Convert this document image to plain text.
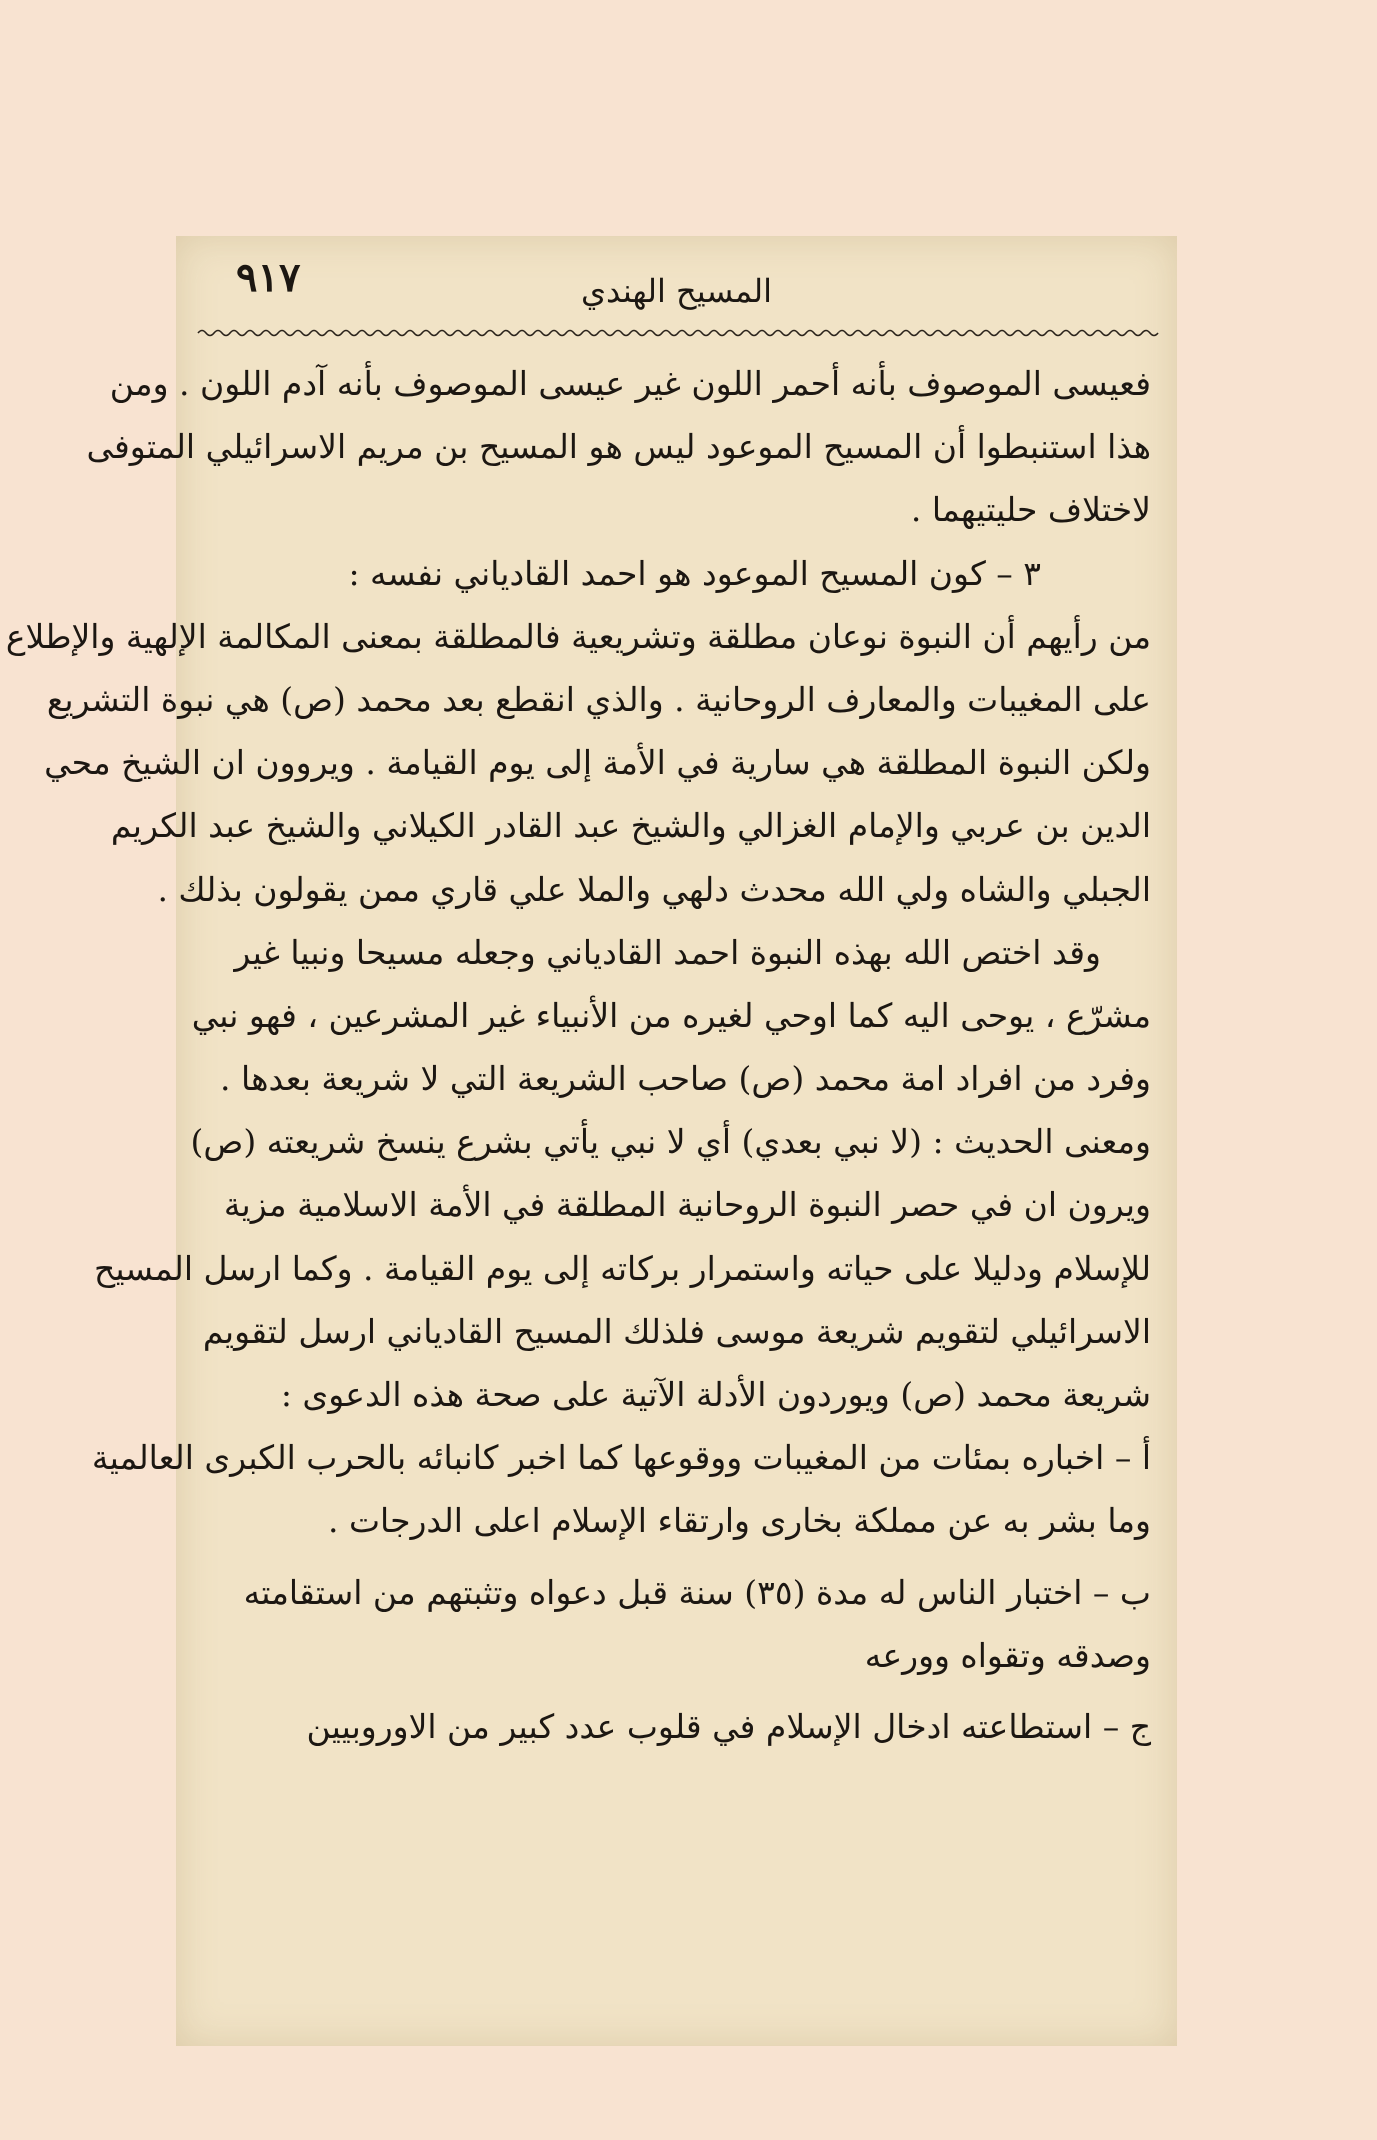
٩١٧	المسيح الهندي
فعيسى الموصوف بأنه أحمر اللون غير عيسى الموصوف بأنه آدم اللون . ومن
هذا استنبطوا أن المسيح الموعود ليس هو المسيح بن مريم الاسرائيلي المتوفى
لاختلاف حليتيهما .
٣ – كون المسيح الموعود هو احمد القادياني نفسه :
من رأيهم أن النبوة نوعان مطلقة وتشريعية فالمطلقة بمعنى المكالمة الإلهية والإطلاع
على المغيبات والمعارف الروحانية . والذي انقطع بعد محمد (ص) هي نبوة التشريع
ولكن النبوة المطلقة هي سارية في الأمة إلى يوم القيامة . ويروون ان الشيخ محي
الدين بن عربي والإمام الغزالي والشيخ عبد القادر الكيلاني والشيخ عبد الكريم
الجبلي والشاه ولي الله محدث دلهي والملا علي قاري ممن يقولون بذلك .
وقد اختص الله بهذه النبوة احمد القادياني وجعله مسيحا ونبيا غير
مشرّع ، يوحى اليه كما اوحي لغيره من الأنبياء غير المشرعين ، فهو نبي
وفرد من افراد امة محمد (ص) صاحب الشريعة التي لا شريعة بعدها .
ومعنى الحديث : (لا نبي بعدي) أي لا نبي يأتي بشرع ينسخ شريعته (ص)
ويرون ان في حصر النبوة الروحانية المطلقة في الأمة الاسلامية مزية
للإسلام ودليلا على حياته واستمرار بركاته إلى يوم القيامة . وكما ارسل المسيح
الاسرائيلي لتقويم شريعة موسى فلذلك المسيح القادياني ارسل لتقويم
شريعة محمد (ص) ويوردون الأدلة الآتية على صحة هذه الدعوى :
أ – اخباره بمئات من المغيبات ووقوعها كما اخبر كانبائه بالحرب الكبرى العالمية
وما بشر به عن مملكة بخارى وارتقاء الإسلام اعلى الدرجات .
ب – اختبار الناس له مدة (٣٥) سنة قبل دعواه وتثبتهم من استقامته
وصدقه وتقواه وورعه
ج – استطاعته ادخال الإسلام في قلوب عدد كبير من الاوروبيين
